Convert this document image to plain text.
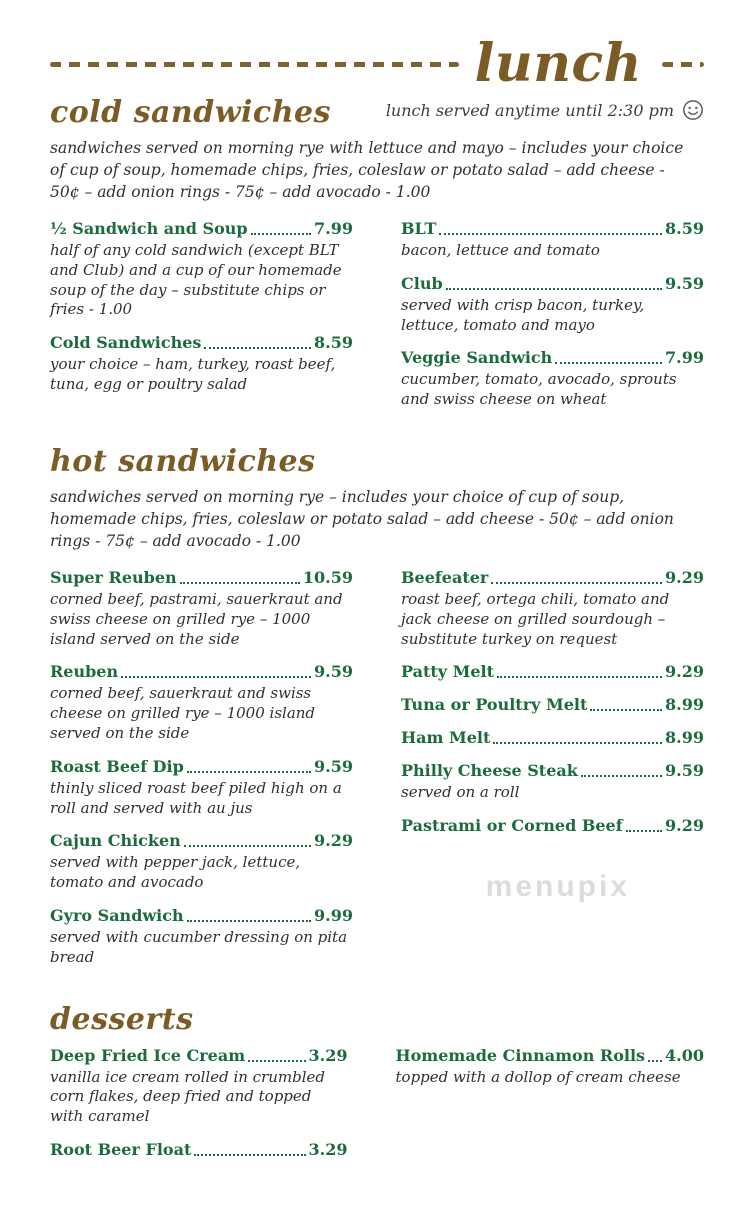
lunch
cold sandwiches	lunch served anytime until 2:30 pm

sandwiches served on morning rye with lettuce and mayo – includes your choice of cup of soup, homemade chips, fries, coleslaw or potato salad – add cheese - 50¢ – add onion rings - 75¢ – add avocado - 1.00

½ Sandwich and Soup	7.99

half of any cold sandwich (except BLT and Club) and a cup of our homemade soup of the day – substitute chips or fries - 1.00

Cold Sandwiches	8.59

your choice – ham, turkey, roast beef, tuna, egg or poultry salad

BLT	8.59

bacon, lettuce and tomato

Club	9.59

served with crisp bacon, turkey, lettuce, tomato and mayo

Veggie Sandwich	7.99

cucumber, tomato, avocado, sprouts and swiss cheese on wheat

hot sandwiches

sandwiches served on morning rye – includes your choice of cup of soup, homemade chips, fries, coleslaw or potato salad – add cheese - 50¢ – add onion rings - 75¢ – add avocado - 1.00

Super Reuben	10.59

corned beef, pastrami, sauerkraut and swiss cheese on grilled rye – 1000 island served on the side

Reuben	9.59

corned beef, sauerkraut and swiss cheese on grilled rye – 1000 island served on the side

Roast Beef Dip	9.59

thinly sliced roast beef piled high on a roll and served with au jus

Cajun Chicken	9.29

served with pepper jack, lettuce, tomato and avocado

Gyro Sandwich	9.99

served with cucumber dressing on pita bread

Beefeater	9.29

roast beef, ortega chili, tomato and jack cheese on grilled sourdough – substitute turkey on request

Patty Melt	9.29
Tuna or Poultry Melt	8.99
Ham Melt	8.99
Philly Cheese Steak	9.59

served on a roll

Pastrami or Corned Beef	9.29
desserts
Deep Fried Ice Cream	3.29

vanilla ice cream rolled in crumbled corn flakes, deep fried and topped with caramel

Root Beer Float	3.29
Homemade Cinnamon Rolls 4.00

topped with a dollop of cream cheese

menupix
